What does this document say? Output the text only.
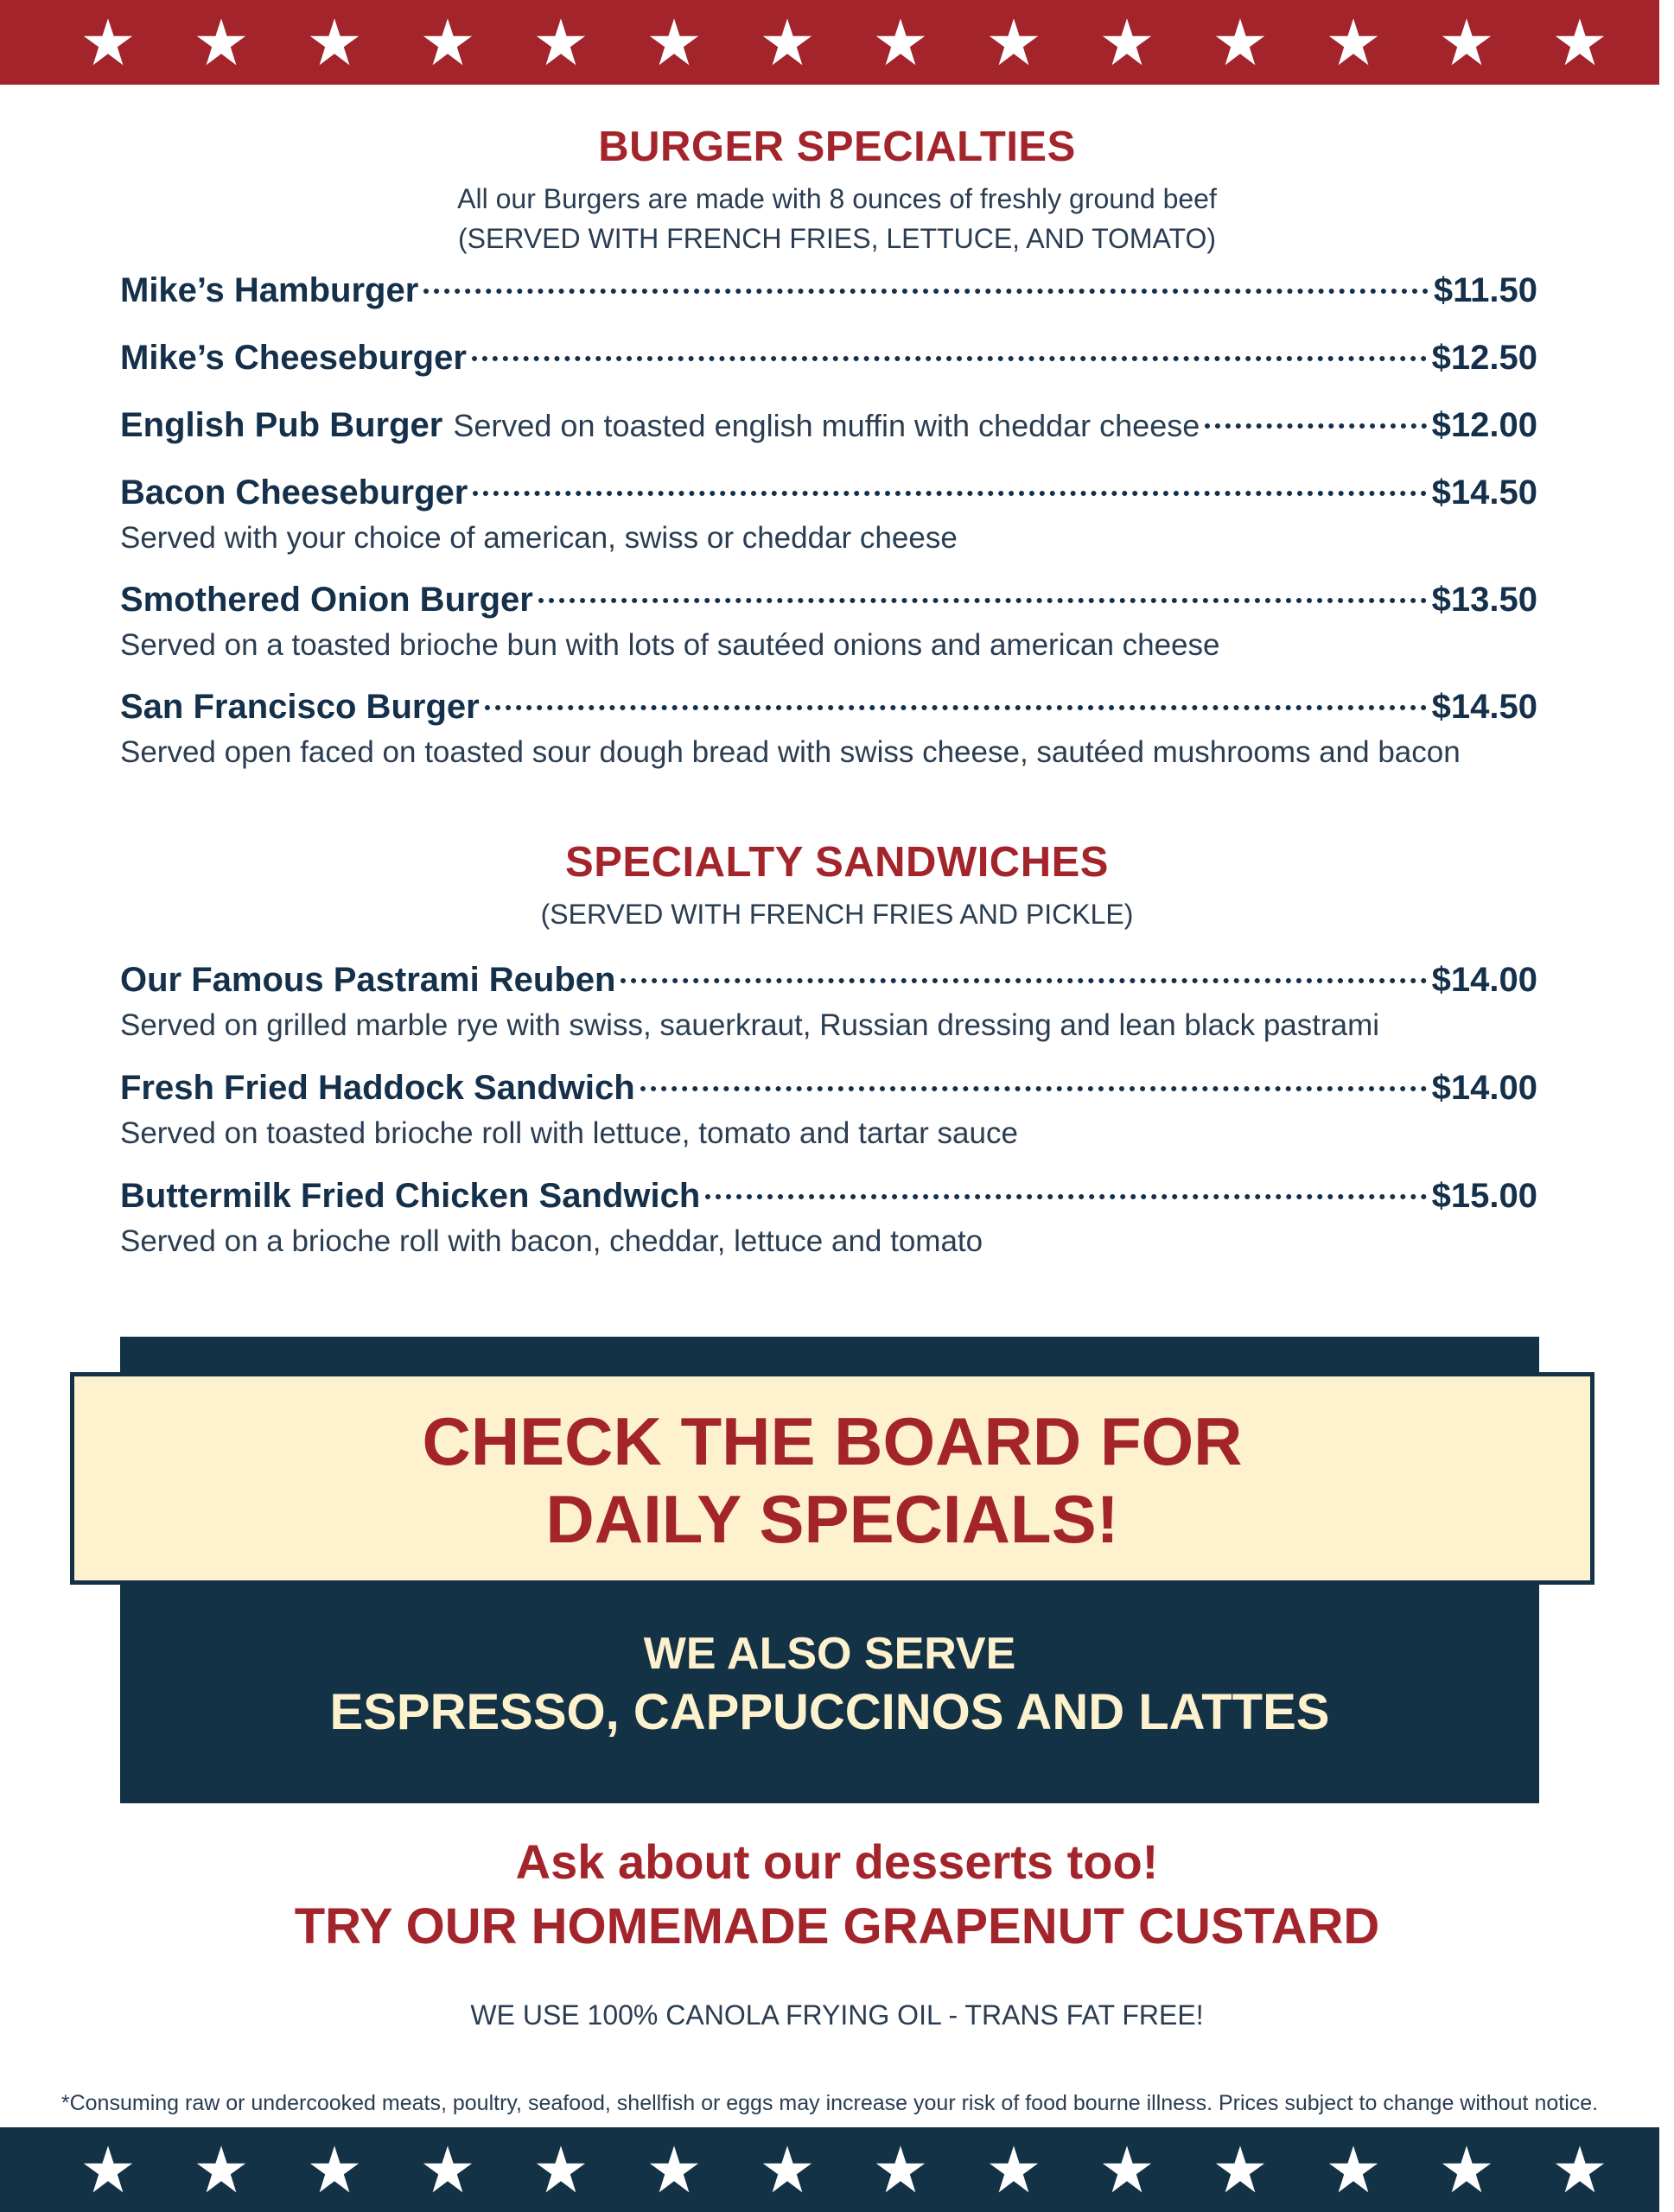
BURGER SPECIALTIES
All our Burgers are made with 8 ounces of freshly ground beef
(SERVED WITH FRENCH FRIES, LETTUCE, AND TOMATO)
Mike’s Hamburger	$11.50
Mike’s Cheeseburger	$12.50
English Pub Burger Served on toasted english muffin with cheddar cheese	$12.00
Bacon Cheeseburger	$14.50
Served with your choice of american, swiss or cheddar cheese
Smothered Onion Burger	$13.50
Served on a toasted brioche bun with lots of sautéed onions and american cheese
San Francisco Burger	$14.50
Served open faced on toasted sour dough bread with swiss cheese, sautéed mushrooms and bacon
SPECIALTY SANDWICHES
(SERVED WITH FRENCH FRIES AND PICKLE)
Our Famous Pastrami Reuben	$14.00
Served on grilled marble rye with swiss, sauerkraut, Russian dressing and lean black pastrami
Fresh Fried Haddock Sandwich	$14.00
Served on toasted brioche roll with lettuce, tomato and tartar sauce
Buttermilk Fried Chicken Sandwich	$15.00
Served on a brioche roll with bacon, cheddar, lettuce and tomato
CHECK THE BOARD FOR
DAILY SPECIALS!
WE ALSO SERVE
ESPRESSO, CAPPUCCINOS AND LATTES
Ask about our desserts too!
TRY OUR HOMEMADE GRAPENUT CUSTARD
WE USE 100% CANOLA FRYING OIL - TRANS FAT FREE!
*Consuming raw or undercooked meats, poultry, seafood, shellfish or eggs may increase your risk of food bourne illness. Prices subject to change without notice.
